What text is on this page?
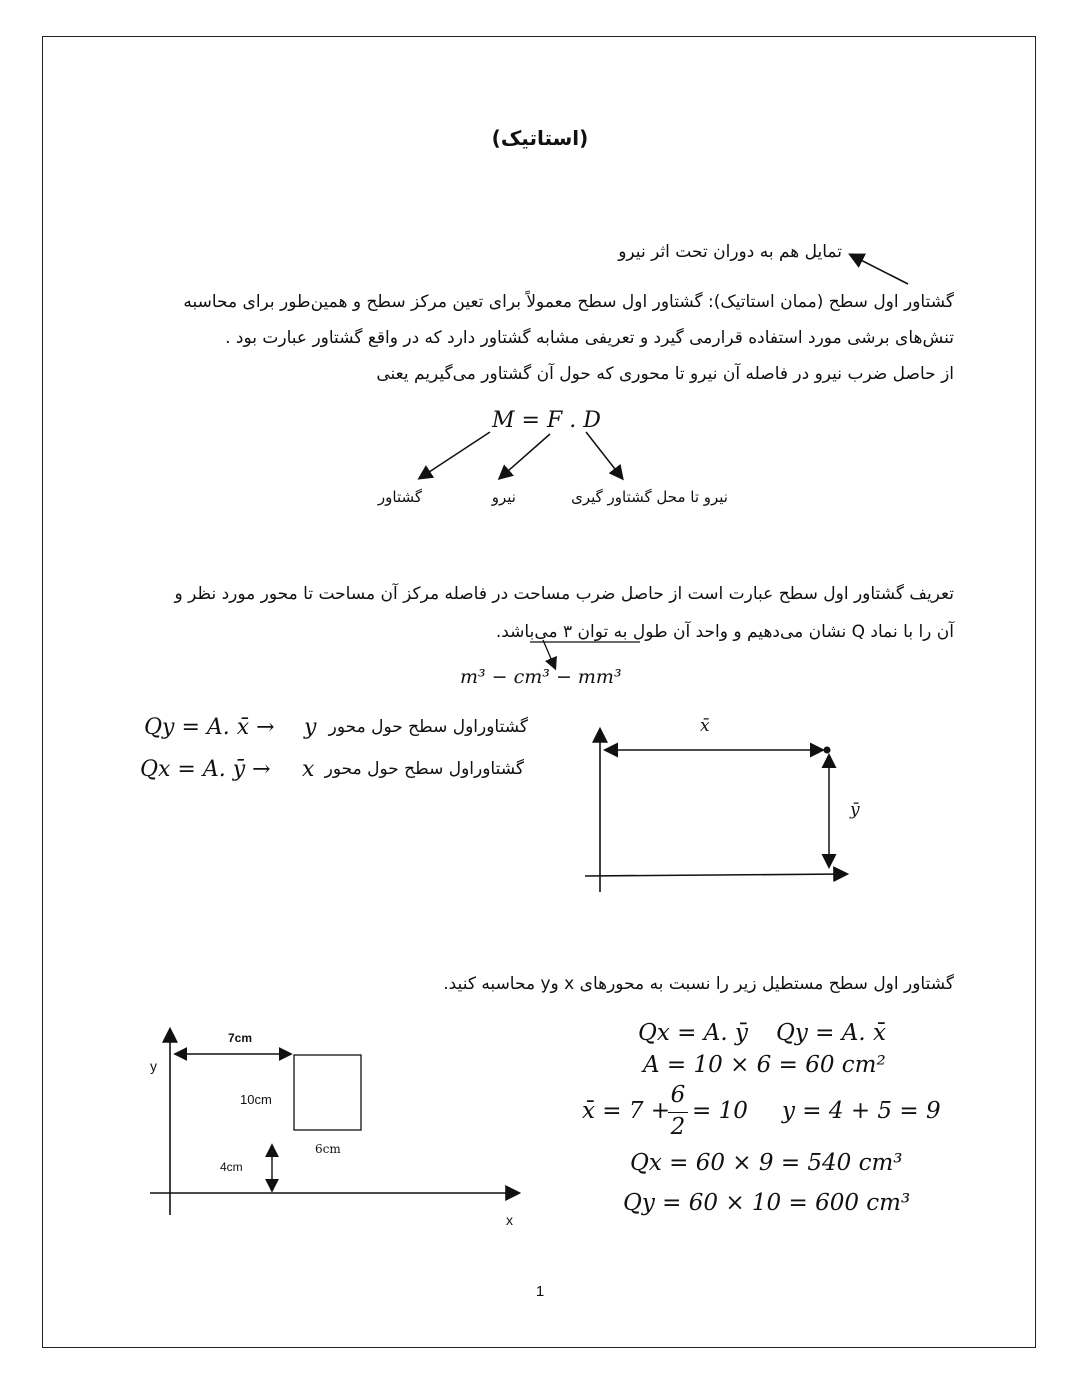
(استاتیک)
تمایل هم به دوران تحت اثر نیرو
گشتاور اول سطح (ممان استاتیک): گشتاور اول سطح معمولاً برای تعین مرکز سطح و همین‌طور برای محاسبه
تنش‌های برشی مورد استفاده قرارمی گیرد و تعریفی مشابه گشتاور دارد که در واقع گشتاور عبارت بود .
از حاصل ضرب نیرو در فاصله آن نیرو تا محوری که حول آن گشتاور می‌گیریم یعنی
M = F . D
گشتاور	نیرو	نیرو تا محل گشتاور گیری
تعریف گشتاور اول سطح عبارت است از حاصل ضرب مساحت در فاصله مرکز آن مساحت تا محور مورد نظر و
آن را با نماد Q نشان می‌دهیم و واحد آن طول به توان ۳ می‌باشد.
m³ − cm³ − mm³
Qy = A. x̄ → y گشتاوراول سطح حول محور
Qx = A. ȳ → x گشتاوراول سطح حول محور
x̄
ȳ
گشتاور اول سطح مستطیل زیر را نسبت به محورهای x وy محاسبه کنید.
y
x
7cm
10cm
6cm
4cm
Qx = A. ȳ Qy = A. x̄
A = 10 × 6 = 60 cm²
x̄ = 7 +
6
2
= 10 y = 4 + 5 = 9
Qx = 60 × 9 = 540 cm³
Qy = 60 × 10 = 600 cm³
1
